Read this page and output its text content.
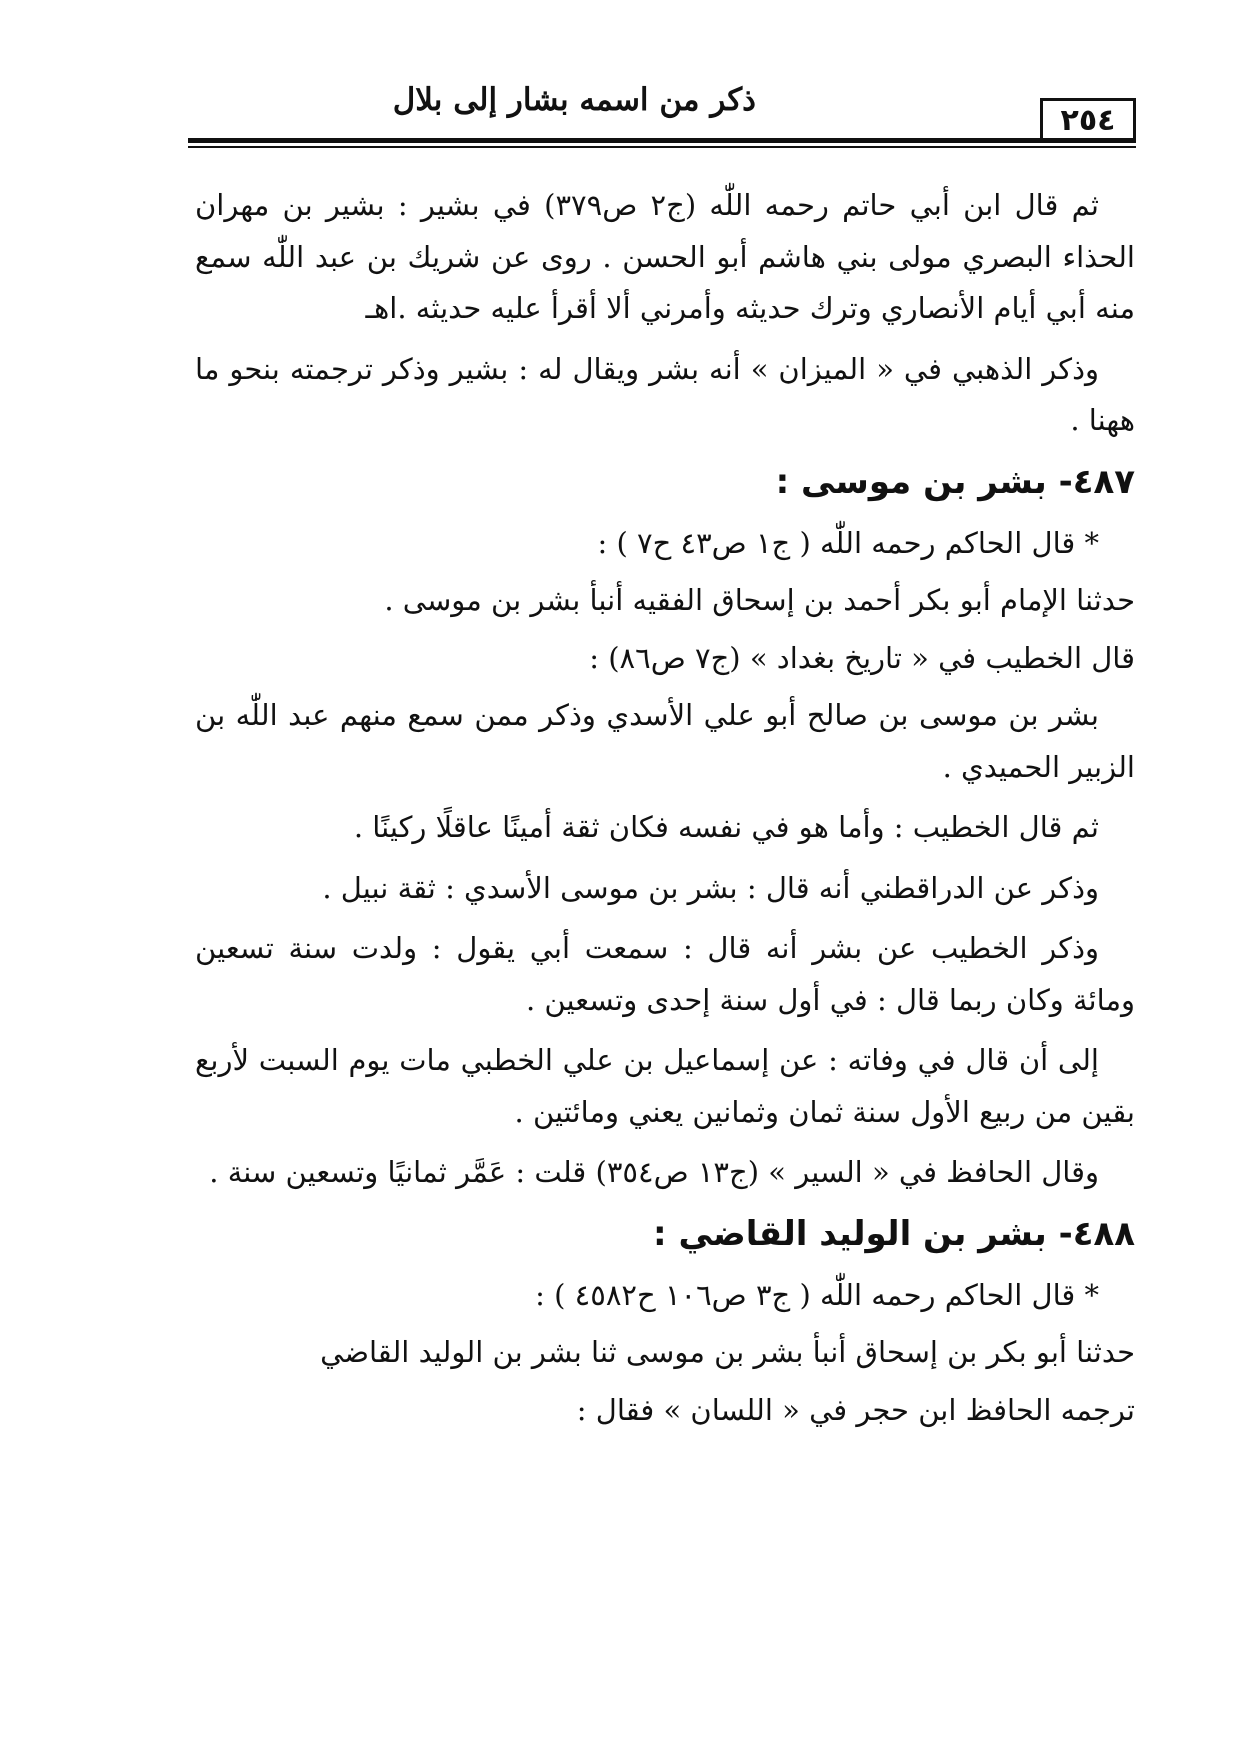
ذكر من اسمه بشار إلى بلال
٢٥٤

ثم قال ابن أبي حاتم رحمه اللّٰه (ج٢ ص٣٧٩) في بشير : بشير بن مهران الحذاء البصري مولى بني هاشم أبو الحسن . روى عن شريك بن عبد اللّٰه سمع منه أبي أيام الأنصاري وترك حديثه وأمرني ألا أقرأ عليه حديثه .اهـ

وذكر الذهبي في « الميزان » أنه بشر ويقال له : بشير وذكر ترجمته بنحو ما ههنا .

٤٨٧- بشر بن موسى :

* قال الحاكم رحمه اللّٰه ( ج١ ص٤٣ ح٧ ) :

حدثنا الإمام أبو بكر أحمد بن إسحاق الفقيه أنبأ بشر بن موسى .

قال الخطيب في « تاريخ بغداد » (ج٧ ص٨٦) :

بشر بن موسى بن صالح أبو علي الأسدي وذكر ممن سمع منهم عبد اللّٰه بن الزبير الحميدي .

ثم قال الخطيب : وأما هو في نفسه فكان ثقة أمينًا عاقلًا ركينًا .

وذكر عن الدراقطني أنه قال : بشر بن موسى الأسدي : ثقة نبيل .

وذكر الخطيب عن بشر أنه قال : سمعت أبي يقول : ولدت سنة تسعين ومائة وكان ربما قال : في أول سنة إحدى وتسعين .

إلى أن قال في وفاته : عن إسماعيل بن علي الخطبي مات يوم السبت لأربع بقين من ربيع الأول سنة ثمان وثمانين يعني ومائتين .

وقال الحافظ في « السير » (ج١٣ ص٣٥٤) قلت : عَمَّر ثمانيًا وتسعين سنة .

٤٨٨- بشر بن الوليد القاضي :

* قال الحاكم رحمه اللّٰه ( ج٣ ص١٠٦ ح٤٥٨٢ ) :

حدثنا أبو بكر بن إسحاق أنبأ بشر بن موسى ثنا بشر بن الوليد القاضي

ترجمه الحافظ ابن حجر في « اللسان » فقال :
